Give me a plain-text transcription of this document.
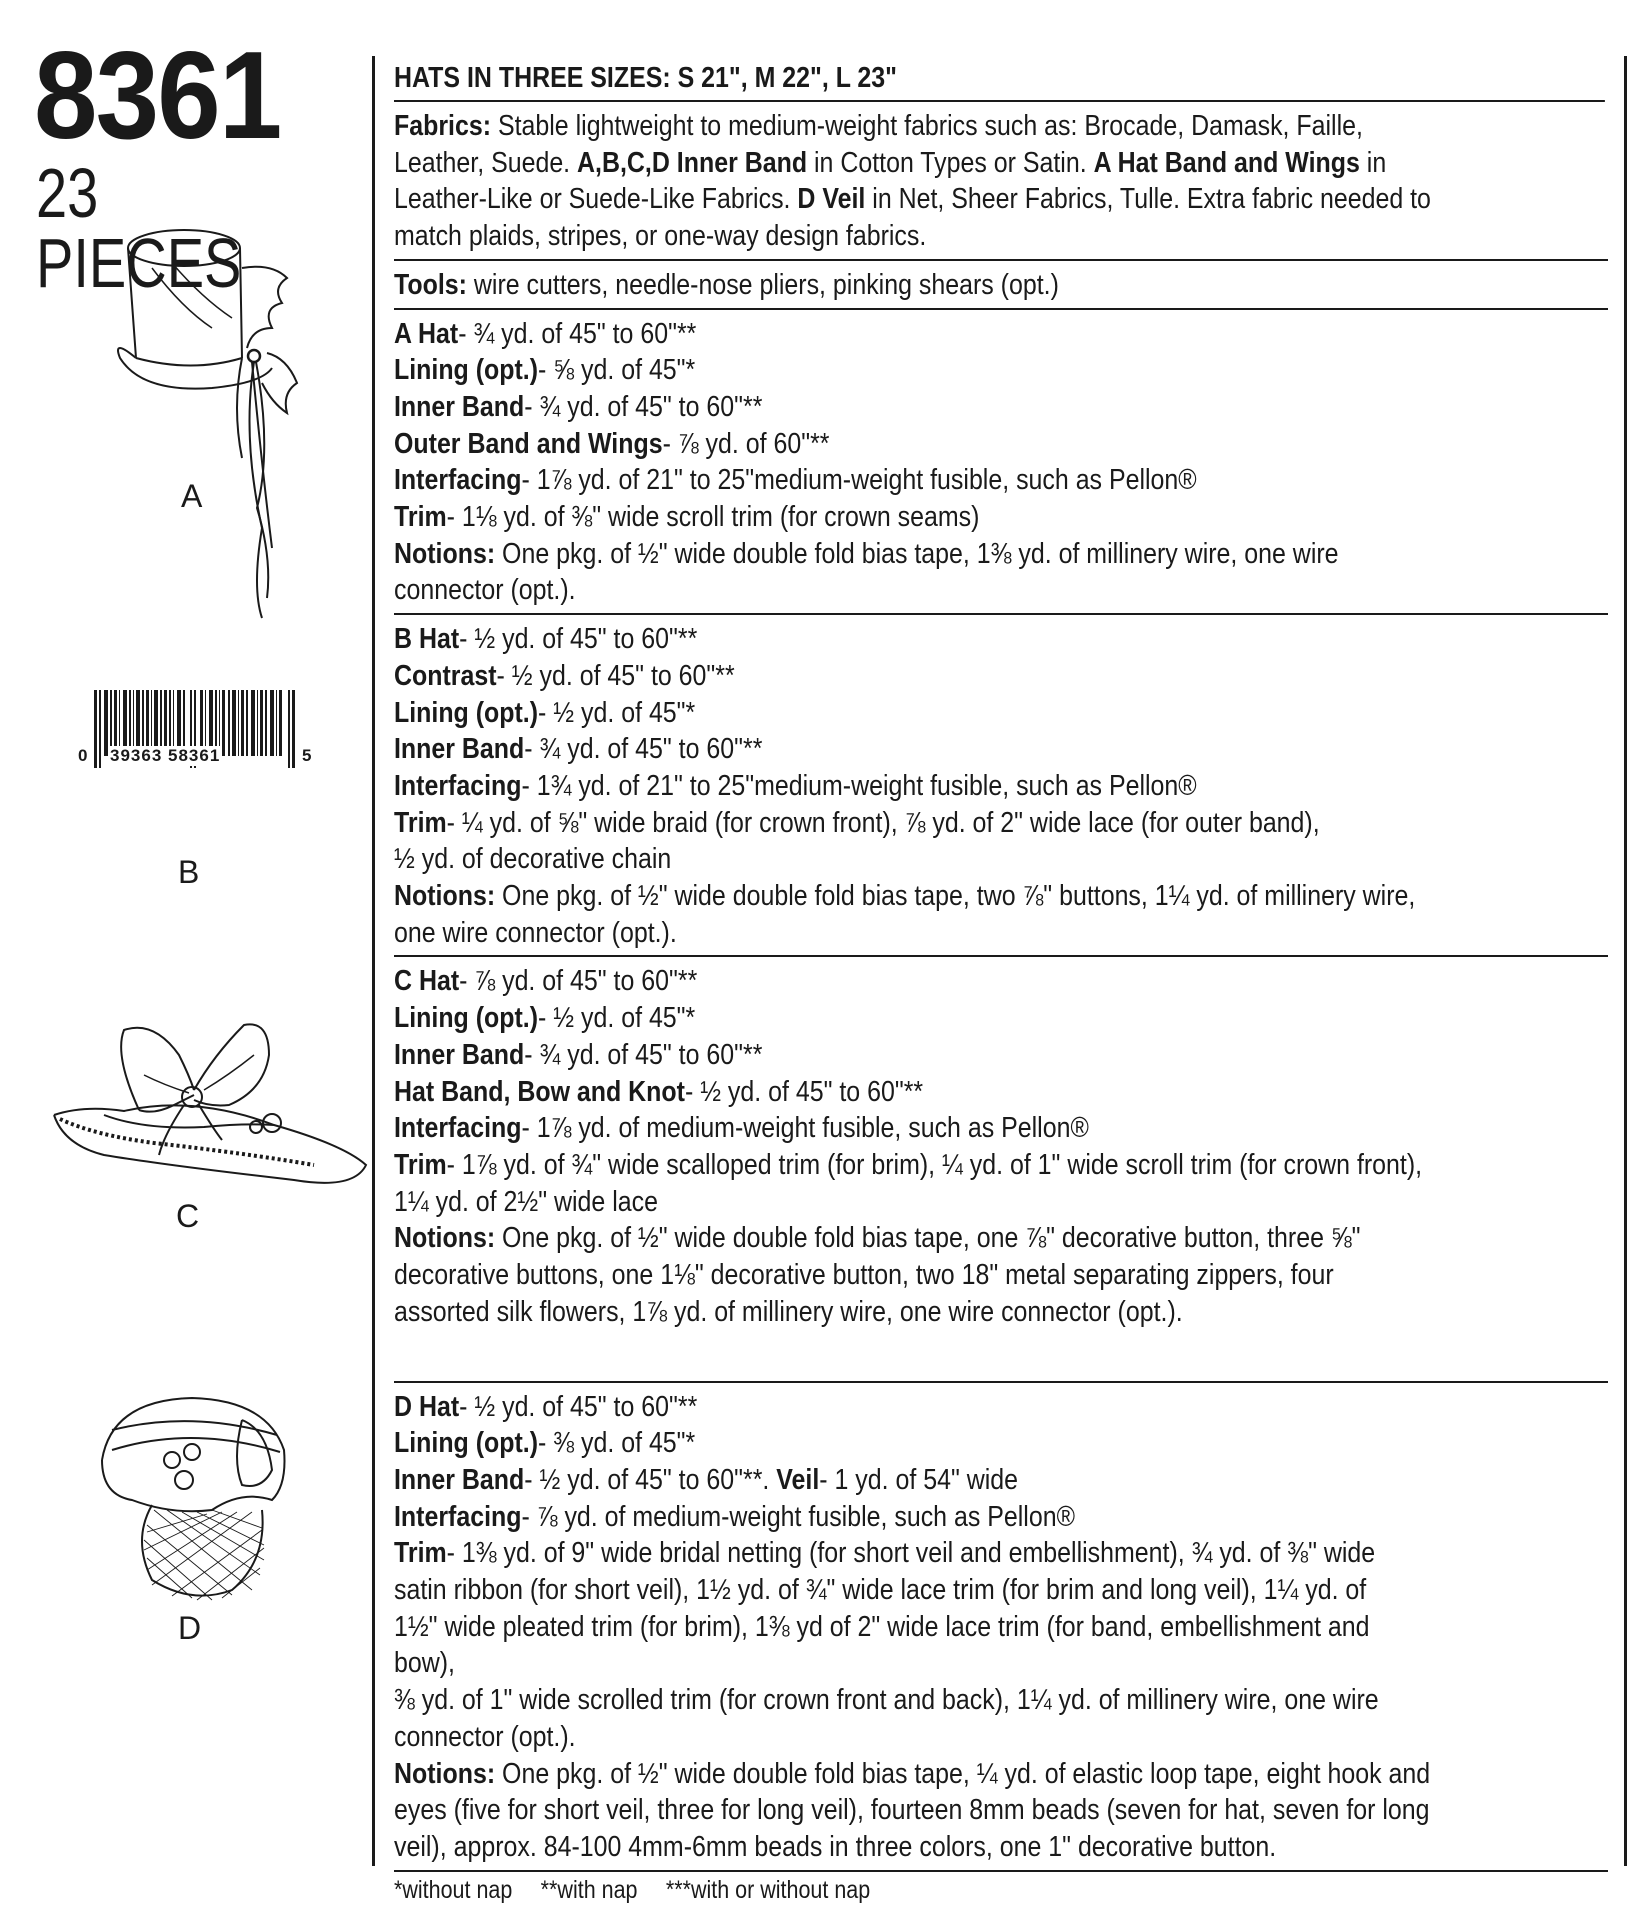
8361
23 PIECES
A
0 39363 58361	5
B
C
D
HATS IN THREE SIZES: S 21", M 22", L 23"
Fabrics: Stable lightweight to medium-weight fabrics such as: Brocade, Damask, Faille,
Leather, Suede. A,B,C,D Inner Band in Cotton Types or Satin. A Hat Band and Wings in
Leather-Like or Suede-Like Fabrics. D Veil in Net, Sheer Fabrics, Tulle. Extra fabric needed to
match plaids, stripes, or one-way design fabrics.
Tools: wire cutters, needle-nose pliers, pinking shears (opt.)
A Hat- ¾ yd. of 45" to 60"**
Lining (opt.)- ⅝ yd. of 45"*
Inner Band- ¾ yd. of 45" to 60"**
Outer Band and Wings- ⅞ yd. of 60"**
Interfacing- 1⅞ yd. of 21" to 25"medium-weight fusible, such as Pellon®
Trim- 1⅛ yd. of ⅜" wide scroll trim (for crown seams)
Notions: One pkg. of ½" wide double fold bias tape, 1⅜ yd. of millinery wire, one wire
connector (opt.).
B Hat- ½ yd. of 45" to 60"**
Contrast- ½ yd. of 45" to 60"**
Lining (opt.)- ½ yd. of 45"*
Inner Band- ¾ yd. of 45" to 60"**
Interfacing- 1¾ yd. of 21" to 25"medium-weight fusible, such as Pellon®
Trim- ¼ yd. of ⅝" wide braid (for crown front), ⅞ yd. of 2" wide lace (for outer band),
½ yd. of decorative chain
Notions: One pkg. of ½" wide double fold bias tape, two ⅞" buttons, 1¼ yd. of millinery wire,
one wire connector (opt.).
C Hat- ⅞ yd. of 45" to 60"**
Lining (opt.)- ½ yd. of 45"*
Inner Band- ¾ yd. of 45" to 60"**
Hat Band, Bow and Knot- ½ yd. of 45" to 60"**
Interfacing- 1⅞ yd. of medium-weight fusible, such as Pellon®
Trim- 1⅞ yd. of ¾" wide scalloped trim (for brim), ¼ yd. of 1" wide scroll trim (for crown front),
1¼ yd. of 2½" wide lace
Notions: One pkg. of ½" wide double fold bias tape, one ⅞" decorative button, three ⅝"
decorative buttons, one 1⅛" decorative button, two 18" metal separating zippers, four
assorted silk flowers, 1⅞ yd. of millinery wire, one wire connector (opt.).
D Hat- ½ yd. of 45" to 60"**
Lining (opt.)- ⅜ yd. of 45"*
Inner Band- ½ yd. of 45" to 60"**. Veil- 1 yd. of 54" wide
Interfacing- ⅞ yd. of medium-weight fusible, such as Pellon®
Trim- 1⅜ yd. of 9" wide bridal netting (for short veil and embellishment), ¾ yd. of ⅜" wide
satin ribbon (for short veil), 1½ yd. of ¾" wide lace trim (for brim and long veil), 1¼ yd. of
1½" wide pleated trim (for brim), 1⅜ yd of 2" wide lace trim (for band, embellishment and
bow),
⅜ yd. of 1" wide scrolled trim (for crown front and back), 1¼ yd. of millinery wire, one wire
connector (opt.).
Notions: One pkg. of ½" wide double fold bias tape, ¼ yd. of elastic loop tape, eight hook and
eyes (five for short veil, three for long veil), fourteen 8mm beads (seven for hat, seven for long
veil), approx. 84-100 4mm-6mm beads in three colors, one 1" decorative button.
*without nap **with nap ***with or without nap
